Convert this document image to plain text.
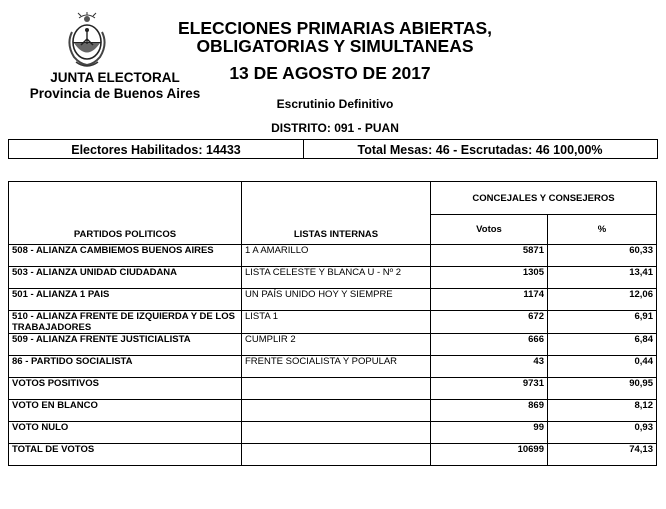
ELECCIONES PRIMARIAS ABIERTAS,
OBLIGATORIAS Y SIMULTANEAS
13 DE AGOSTO DE 2017
JUNTA ELECTORAL
Provincia de Buenos Aires
Escrutinio Definitivo
DISTRITO: 091 - PUAN
Electores Habilitados: 14433	Total Mesas: 46 - Escrutadas: 46 100,00%
PARTIDOS POLITICOS	LISTAS INTERNAS	CONCEJALES Y CONSEJEROS	
		Votos	%
508 - ALIANZA CAMBIEMOS BUENOS AIRES	1 A AMARILLO	5871	60,33
503 - ALIANZA UNIDAD CIUDADANA	LISTA CELESTE Y BLANCA U - Nº 2	1305	13,41
501 - ALIANZA 1 PAIS	UN PAÍS UNIDO HOY Y SIEMPRE	1174	12,06
510 - ALIANZA FRENTE DE IZQUIERDA Y DE LOS TRABAJADORES	LISTA 1	672	6,91
509 - ALIANZA FRENTE JUSTICIALISTA	CUMPLIR 2	666	6,84
86 - PARTIDO SOCIALISTA	FRENTE SOCIALISTA Y POPULAR	43	0,44
VOTOS POSITIVOS		9731	90,95
VOTO EN BLANCO		869	8,12
VOTO NULO		99	0,93
TOTAL DE VOTOS		10699	74,13
